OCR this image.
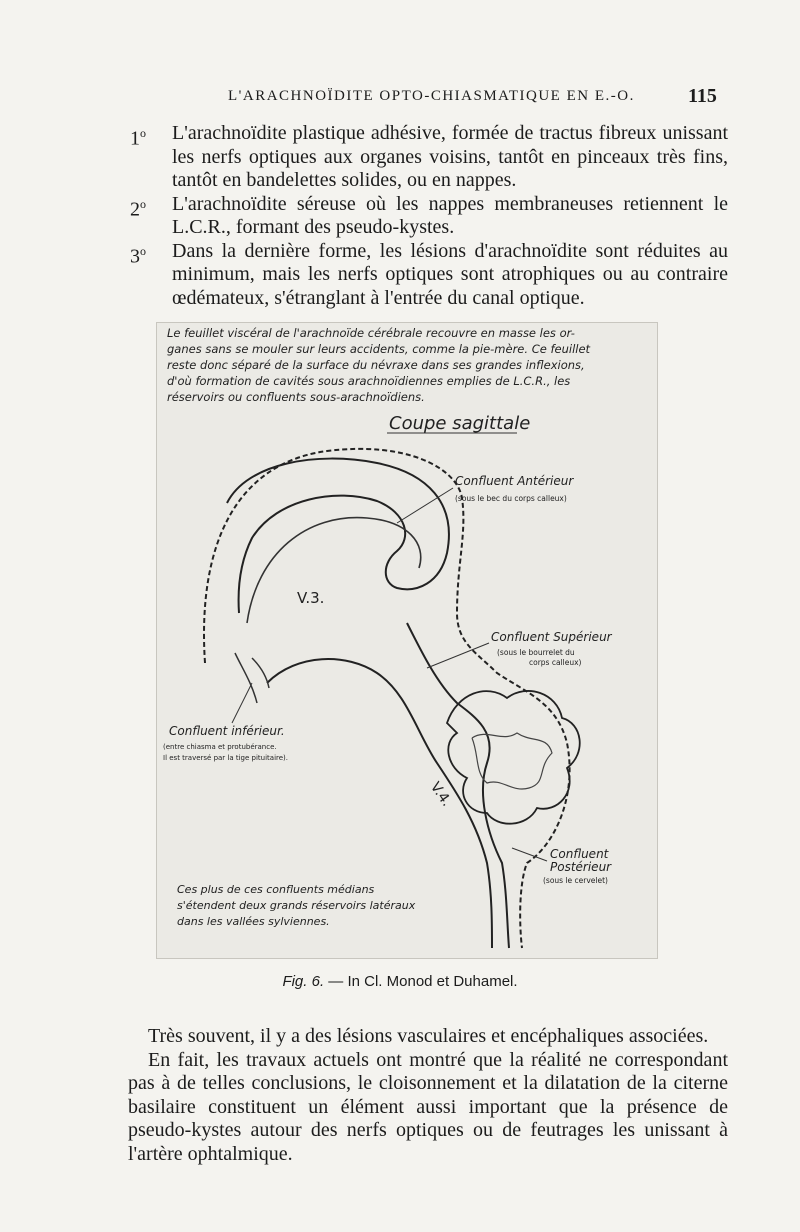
L'ARACHNOÏDITE OPTO-CHIASMATIQUE EN E.-O.	115
1$^o$	L'arachnoïdite plastique adhésive, formée de tractus fibreux unissant les nerfs optiques aux organes voisins, tantôt en pinceaux très fins, tantôt en bandelettes solides, ou en nappes.
2$^o$	L'arachnoïdite séreuse où les nappes membraneuses retiennent le L.C.R., formant des pseudo-kystes.
3$^o$	Dans la dernière forme, les lésions d'arachnoïdite sont réduites au minimum, mais les nerfs optiques sont atrophiques ou au contraire œdémateux, s'étranglant à l'entrée du canal optique.
Le feuillet viscéral de l'arachnoïde cérébrale recouvre en masse les or-
ganes sans se mouler sur leurs accidents, comme la pie-mère. Ce feuillet
reste donc séparé de la surface du névraxe dans ses grandes inflexions,
d'où formation de cavités sous arachnoïdiennes emplies de L.C.R., les
réservoirs ou confluents sous-arachnoïdiens.
Coupe sagittale
V.3.
V.4.
Confluent Antérieur
(sous le bec du corps calleux)
Confluent Supérieur
(sous le bourrelet du
corps calleux)
Confluent inférieur.
(entre chiasma et protubérance.
Il est traversé par la tige pituitaire).
Confluent
Postérieur
(sous le cervelet)
Ces plus de ces confluents médians
s'étendent deux grands réservoirs latéraux
dans les vallées sylviennes.
Fig. 6. — In Cl. Monod et Duhamel.

Très souvent, il y a des lésions vasculaires et encéphaliques associées.

En fait, les travaux actuels ont montré que la réalité ne correspondant pas à de telles conclusions, le cloisonnement et la dilatation de la citerne basilaire constituent un élément aussi important que la présence de pseudo-kystes autour des nerfs optiques ou de feutrages les unissant à l'artère ophtalmique.
